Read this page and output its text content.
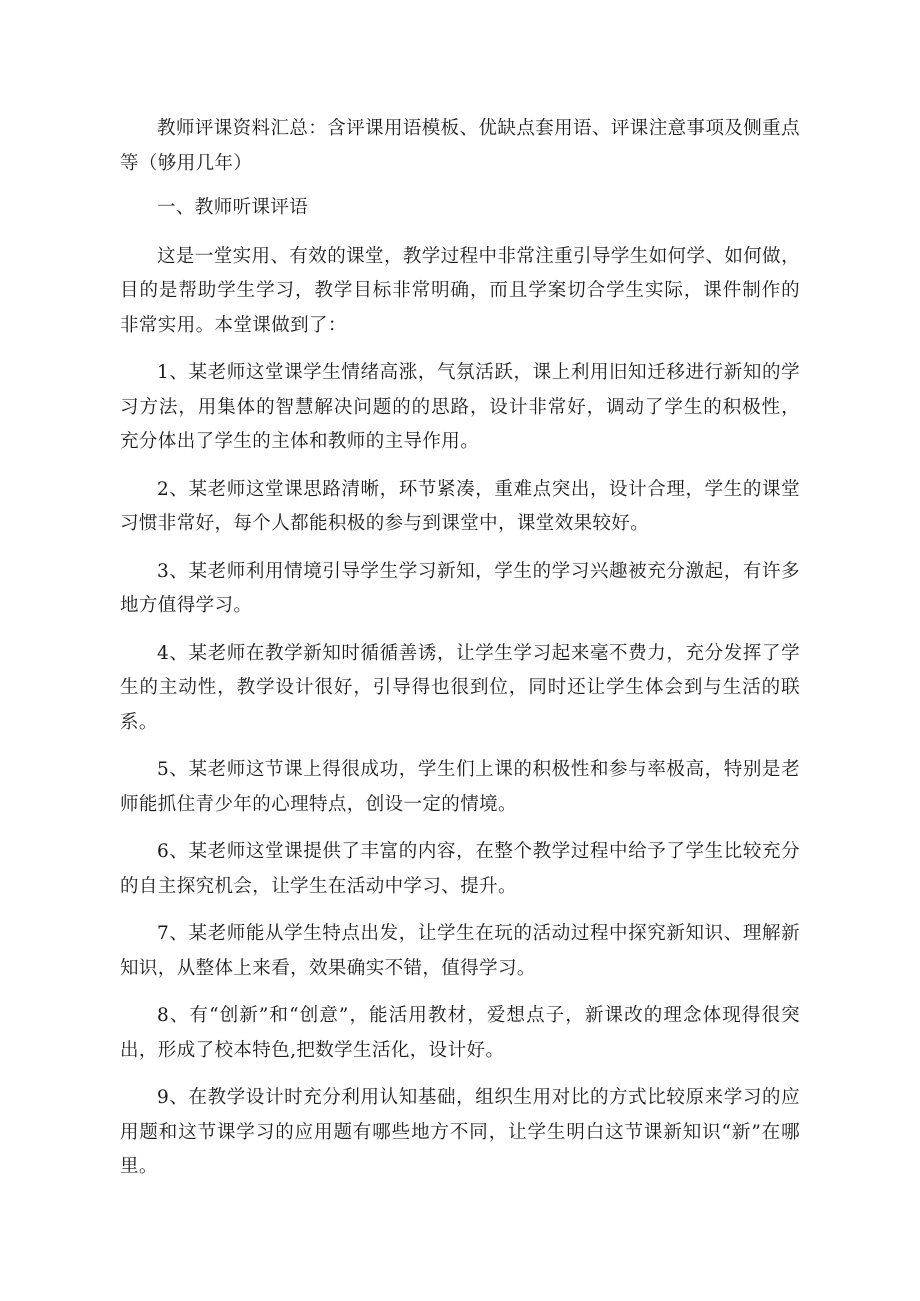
教师评课资料汇总：含评课用语模板、优缺点套用语、评课注意事项及侧重点等（够用几年）

一、教师听课评语

这是一堂实用、有效的课堂，教学过程中非常注重引导学生如何学、如何做，目的是帮助学生学习，教学目标非常明确，而且学案切合学生实际，课件制作的非常实用。本堂课做到了：

1、某老师这堂课学生情绪高涨，气氛活跃，课上利用旧知迁移进行新知的学习方法，用集体的智慧解决问题的的思路，设计非常好，调动了学生的积极性，充分体出了学生的主体和教师的主导作用。

2、某老师这堂课思路清晰，环节紧凑，重难点突出，设计合理，学生的课堂习惯非常好，每个人都能积极的参与到课堂中，课堂效果较好。

3、某老师利用情境引导学生学习新知，学生的学习兴趣被充分激起，有许多地方值得学习。

4、某老师在教学新知时循循善诱，让学生学习起来毫不费力，充分发挥了学生的主动性，教学设计很好，引导得也很到位，同时还让学生体会到与生活的联系。

5、某老师这节课上得很成功，学生们上课的积极性和参与率极高，特别是老师能抓住青少年的心理特点，创设一定的情境。

6、某老师这堂课提供了丰富的内容，在整个教学过程中给予了学生比较充分的自主探究机会，让学生在活动中学习、提升。

7、某老师能从学生特点出发，让学生在玩的活动过程中探究新知识、理解新知识，从整体上来看，效果确实不错，值得学习。

8、有“创新”和“创意”，能活用教材，爱想点子，新课改的理念体现得很突出，形成了校本特色,把数学生活化，设计好。

9、在教学设计时充分利用认知基础，组织生用对比的方式比较原来学习的应用题和这节课学习的应用题有哪些地方不同，让学生明白这节课新知识“新”在哪里。
